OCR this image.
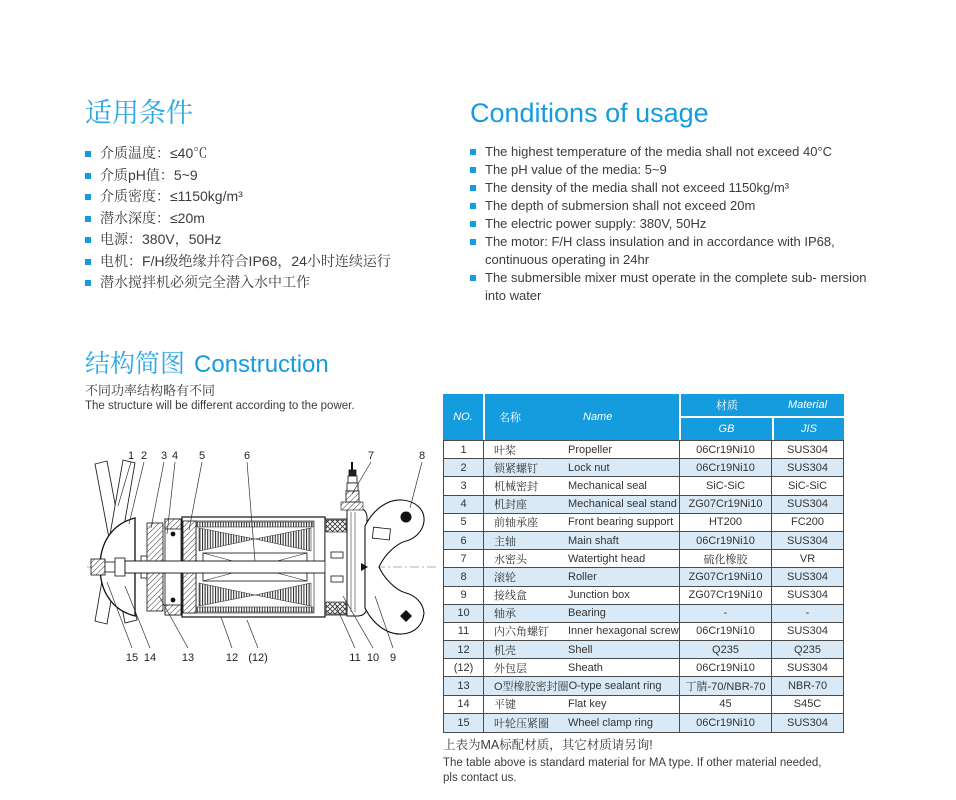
适用条件
介质温度：≤40℃
介质pH值：5~9
介质密度：≤1150kg/m³
潜水深度：≤20m
电源：380V，50Hz
电机：F/H级绝缘并符合IP68，24小时连续运行
潜水搅拌机必须完全潜入水中工作
Conditions of usage
The highest temperature of the media shall not exceed 40°C
The pH value of the media: 5~9
The density of the media shall not exceed 1150kg/m³
The depth of submersion shall not exceed 20m
The electric power supply: 380V, 50Hz
The motor: F/H class insulation and in accordance with IP68, continuous operating in 24hr
The submersible mixer must operate in the complete sub- mersion into water
结构简图 Construction
不同功率结构略有不同
The structure will be different according to the power.
1 2 3 4 5	6	7	8
15 14 13	12 (12)	11 10 9
NO.	名称	Name
材质	Material
GB	JIS
1	叶桨	Propeller	06Cr19Ni10	SUS304
2	锁紧螺钉	Lock nut	06Cr19Ni10	SUS304
3	机械密封	Mechanical seal	SiC-SiC	SiC-SiC
4	机封座	Mechanical seal stand	ZG07Cr19Ni10	SUS304
5	前轴承座	Front bearing support	HT200	FC200
6	主轴	Main shaft	06Cr19Ni10	SUS304
7	水密头	Watertight head	硫化橡胶	VR
8	滚轮	Roller	ZG07Cr19Ni10	SUS304
9	接线盒	Junction box	ZG07Cr19Ni10	SUS304
10	轴承	Bearing	-	-
11	内六角螺钉	Inner hexagonal screw	06Cr19Ni10	SUS304
12	机壳	Shell	Q235	Q235
(12)	外包层	Sheath	06Cr19Ni10	SUS304
13	O型橡胶密封圈 O-type sealant ring	丁腈-70/NBR-70	NBR-70
14	平键	Flat key	45	S45C
15	叶轮压紧圈	Wheel clamp ring	06Cr19Ni10	SUS304
上表为MA标配材质，其它材质请另询!
The table above is standard material for MA type. If other material needed,
pls contact us.
